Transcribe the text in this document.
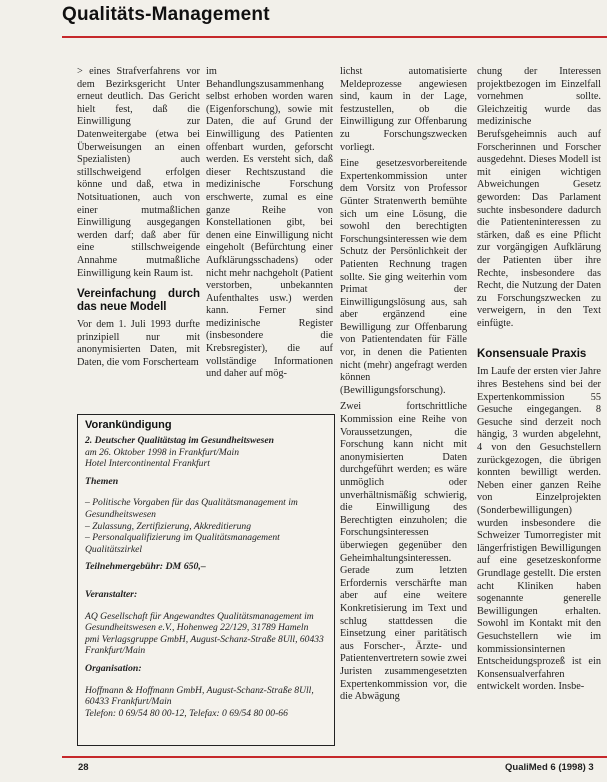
Qualitäts-Management

> eines Strafverfahrens vor dem Bezirksgericht Unter erneut deutlich. Das Gericht hielt fest, daß die Einwilligung zur Datenweitergabe (etwa bei Überweisungen an einen Spezialisten) auch stillschweigend erfolgen könne und daß, etwa in Notsituationen, auch von einer mutmaßlichen Einwilligung ausgegangen werden darf; daß aber für eine stillschweigende Annahme mutmaßliche Einwilligung kein Raum ist.

Vereinfachung durch das neue Modell

Vor dem 1. Juli 1993 durfte prinzipiell nur mit anonymisierten Daten, mit Daten, die vom Forscherteam

im Behandlungszusammenhang selbst erhoben worden waren (Eigenforschung), sowie mit Daten, die auf Grund der Einwilligung des Patienten offenbart wurden, geforscht werden. Es versteht sich, daß dieser Rechtszustand die medizinische Forschung erschwerte, zumal es eine ganze Reihe von Konstellationen gibt, bei denen eine Einwilligung nicht eingeholt (Befürchtung einer Aufklärungsschadens) oder nicht mehr nachgeholt (Patient verstorben, unbekannten Aufenthaltes usw.) werden kann. Ferner sind medizinische Register (insbesondere die Krebsregister), die auf vollständige Informationen und daher auf mög-

lichst automatisierte Meldeprozesse angewiesen sind, kaum in der Lage, festzustellen, ob die Einwilligung zur Offenbarung zu Forschungszwecken vorliegt.

Eine gesetzesvorbereitende Expertenkommission unter dem Vorsitz von Professor Günter Stratenwerth bemühte sich um eine Lösung, die sowohl den berechtigten Forschungsinteressen wie dem Schutz der Persönlichkeit der Patienten Rechnung tragen sollte. Sie ging weiterhin vom Primat der Einwilligungslösung aus, sah aber ergänzend eine Bewilligung zur Offenbarung von Patientendaten für Fälle vor, in denen die Patienten nicht (mehr) angefragt werden können (Bewilligungsforschung).

Zwei fortschrittliche Kommission eine Reihe von Voraussetzungen, die Forschung kann nicht mit anonymisierten Daten durchgeführt werden; es wäre unmöglich oder unverhältnismäßig schwierig, die Einwilligung des Berechtigten einzuholen; die Forschungsinteressen überwiegen gegenüber den Geheimhaltungsinteressen.

Gerade zum letzten Erfordernis verschärfte man aber auf eine weitere Konkretisierung im Text und schlug stattdessen die Einsetzung einer paritätisch aus Forscher-, Ärzte- und Patientenvertretern sowie zwei Juristen zusammengesetzten Expertenkommission vor, die die Abwägung

chung der Interessen projektbezogen im Einzelfall vornehmen sollte. Gleichzeitig wurde das medizinische Berufsgeheimnis auch auf Forscherinnen und Forscher ausgedehnt. Dieses Modell ist mit einigen wichtigen Abweichungen Gesetz geworden: Das Parlament suchte insbesondere dadurch die Patienteninteressen zu stärken, daß es eine Pflicht zur vorgängigen Aufklärung der Patienten über ihre Rechte, insbesondere das Recht, die Nutzung der Daten zu Forschungszwecken zu verweigern, in den Text einfügte.

Konsensuale Praxis

Im Laufe der ersten vier Jahre ihres Bestehens sind bei der Expertenkommission 55 Gesuche eingegangen. 8 Gesuche sind derzeit noch hängig, 3 wurden abgelehnt, 4 von den Gesuchstellern zurückgezogen, die übrigen konnten bewilligt werden. Neben einer ganzen Reihe von Einzelprojekten (Sonderbewilligungen) wurden insbesondere die Schweizer Tumorregister mit längerfristigen Bewilligungen auf eine gesetzeskonforme Grundlage gestellt. Die ersten acht Kliniken haben sogenannte generelle Bewilligungen erhalten. Sowohl im Kontakt mit den Gesuchstellern wie im kommissionsinternen Entscheidungsprozeß ist ein Konsensualverfahren entwickelt worden. Insbe-

Vorankündigung

2. Deutscher Qualitätstag im Gesundheitswesen

am 26. Oktober 1998 in Frankfurt/Main

Hotel Intercontinental Frankfurt

Themen

– Politische Vorgaben für das Qualitätsmanagement im Gesundheitswesen

– Zulassung, Zertifizierung, Akkreditierung

– Personalqualifizierung im Qualitätsmanagement Qualitätszirkel

Teilnehmergebühr: DM 650,–

Veranstalter:

AQ Gesellschaft für Angewandtes Qualitätsmanagement im Gesundheitswesen e.V., Hohenweg 22/129, 31789 Hameln

pmi Verlagsgruppe GmbH, August-Schanz-Straße 8Ull, 60433 Frankfurt/Main

Organisation:

Hoffmann & Hoffmann GmbH, August-Schanz-Straße 8Ull, 60433 Frankfurt/Main

Telefon: 0 69/54 80 00-12, Telefax: 0 69/54 80 00-66

28	QualiMed 6 (1998) 3
